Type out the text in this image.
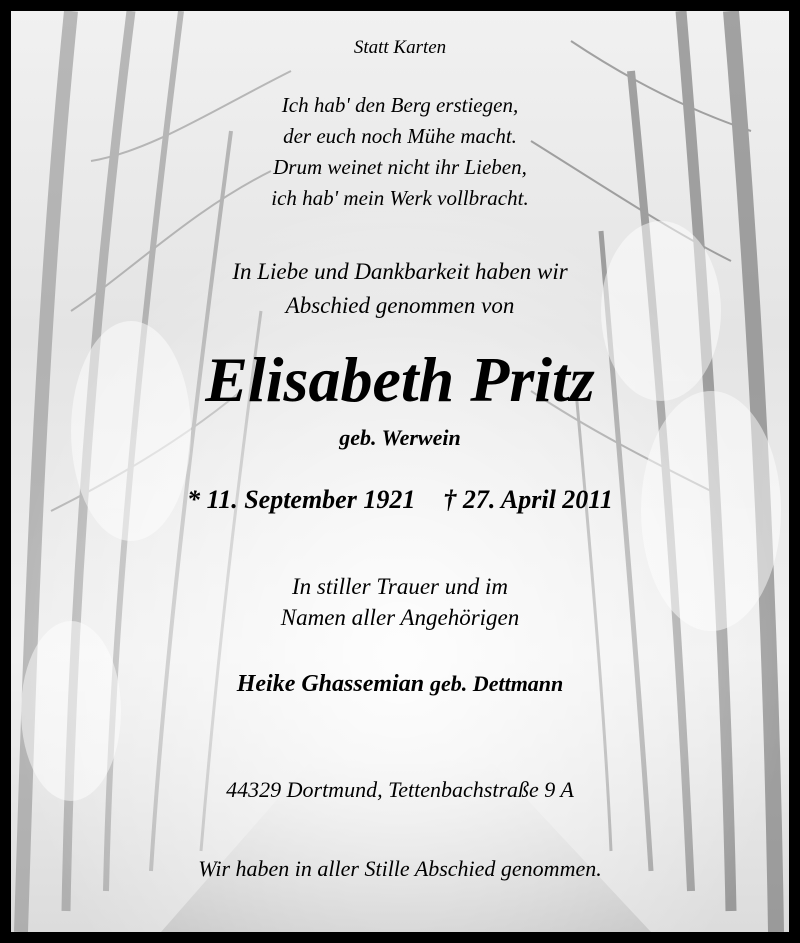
Statt Karten
Ich hab' den Berg erstiegen,
der euch noch Mühe macht.
Drum weinet nicht ihr Lieben,
ich hab' mein Werk vollbracht.
In Liebe und Dankbarkeit haben wir
Abschied genommen von
Elisabeth Pritz
geb. Werwein
* 11. September 1921 † 27. April 2011
In stiller Trauer und im
Namen aller Angehörigen
Heike Ghassemian geb. Dettmann
44329 Dortmund, Tettenbachstraße 9 A
Wir haben in aller Stille Abschied genommen.
